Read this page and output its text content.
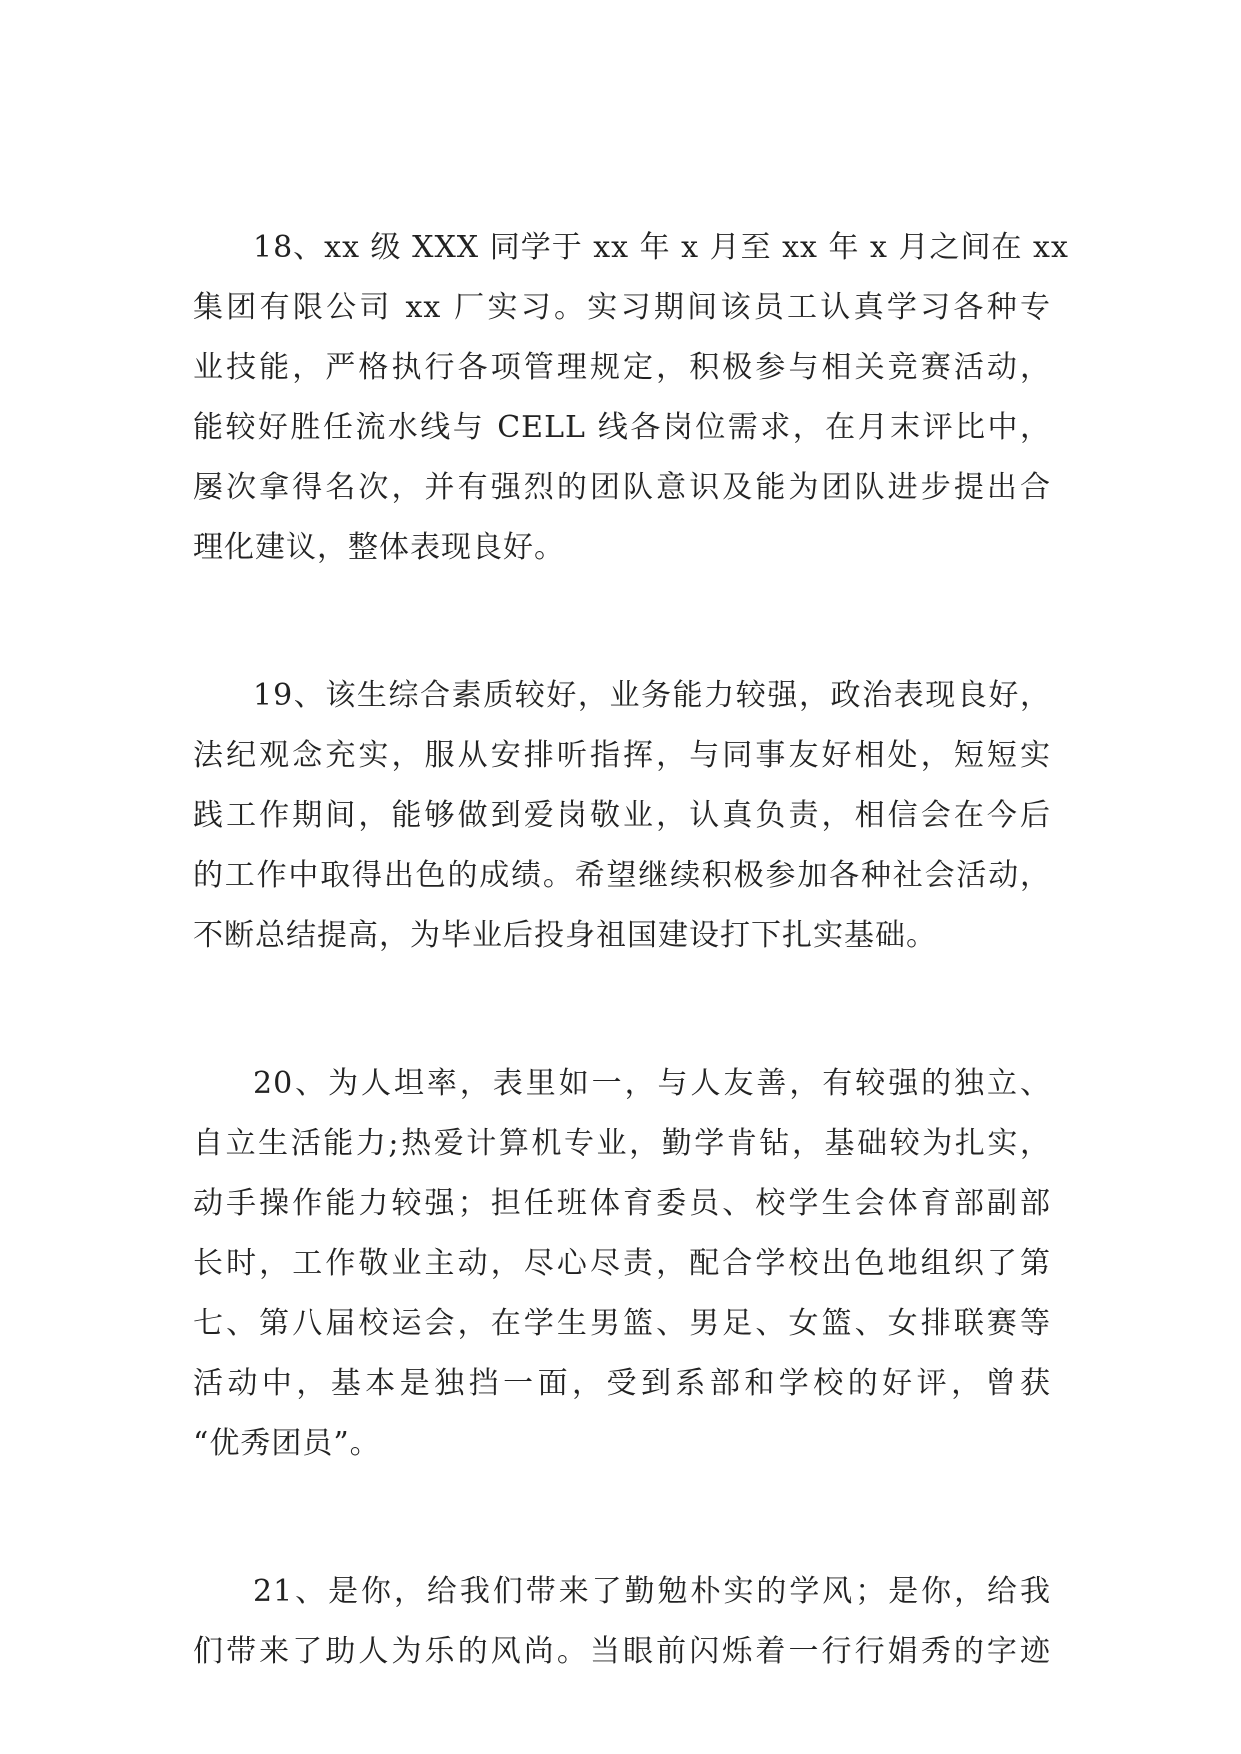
18、xx 级 XXX 同学于 xx 年 x 月至 xx 年 x 月之间在 xx
集团有限公司 xx 厂实习。实习期间该员工认真学习各种专
业技能，严格执行各项管理规定，积极参与相关竞赛活动，
能较好胜任流水线与 CELL 线各岗位需求，在月末评比中，
屡次拿得名次，并有强烈的团队意识及能为团队进步提出合
理化建议，整体表现良好。
19、该生综合素质较好，业务能力较强，政治表现良好，
法纪观念充实，服从安排听指挥，与同事友好相处，短短实
践工作期间，能够做到爱岗敬业，认真负责，相信会在今后
的工作中取得出色的成绩。希望继续积极参加各种社会活动，
不断总结提高，为毕业后投身祖国建设打下扎实基础。
20、为人坦率，表里如一，与人友善，有较强的独立、
自立生活能力;热爱计算机专业，勤学肯钻，基础较为扎实，
动手操作能力较强；担任班体育委员、校学生会体育部副部
长时，工作敬业主动，尽心尽责，配合学校出色地组织了第
七、第八届校运会，在学生男篮、男足、女篮、女排联赛等
活动中，基本是独挡一面，受到系部和学校的好评，曾获
“优秀团员”。
21、是你，给我们带来了勤勉朴实的学风；是你，给我
们带来了助人为乐的风尚。当眼前闪烁着一行行娟秀的字迹
